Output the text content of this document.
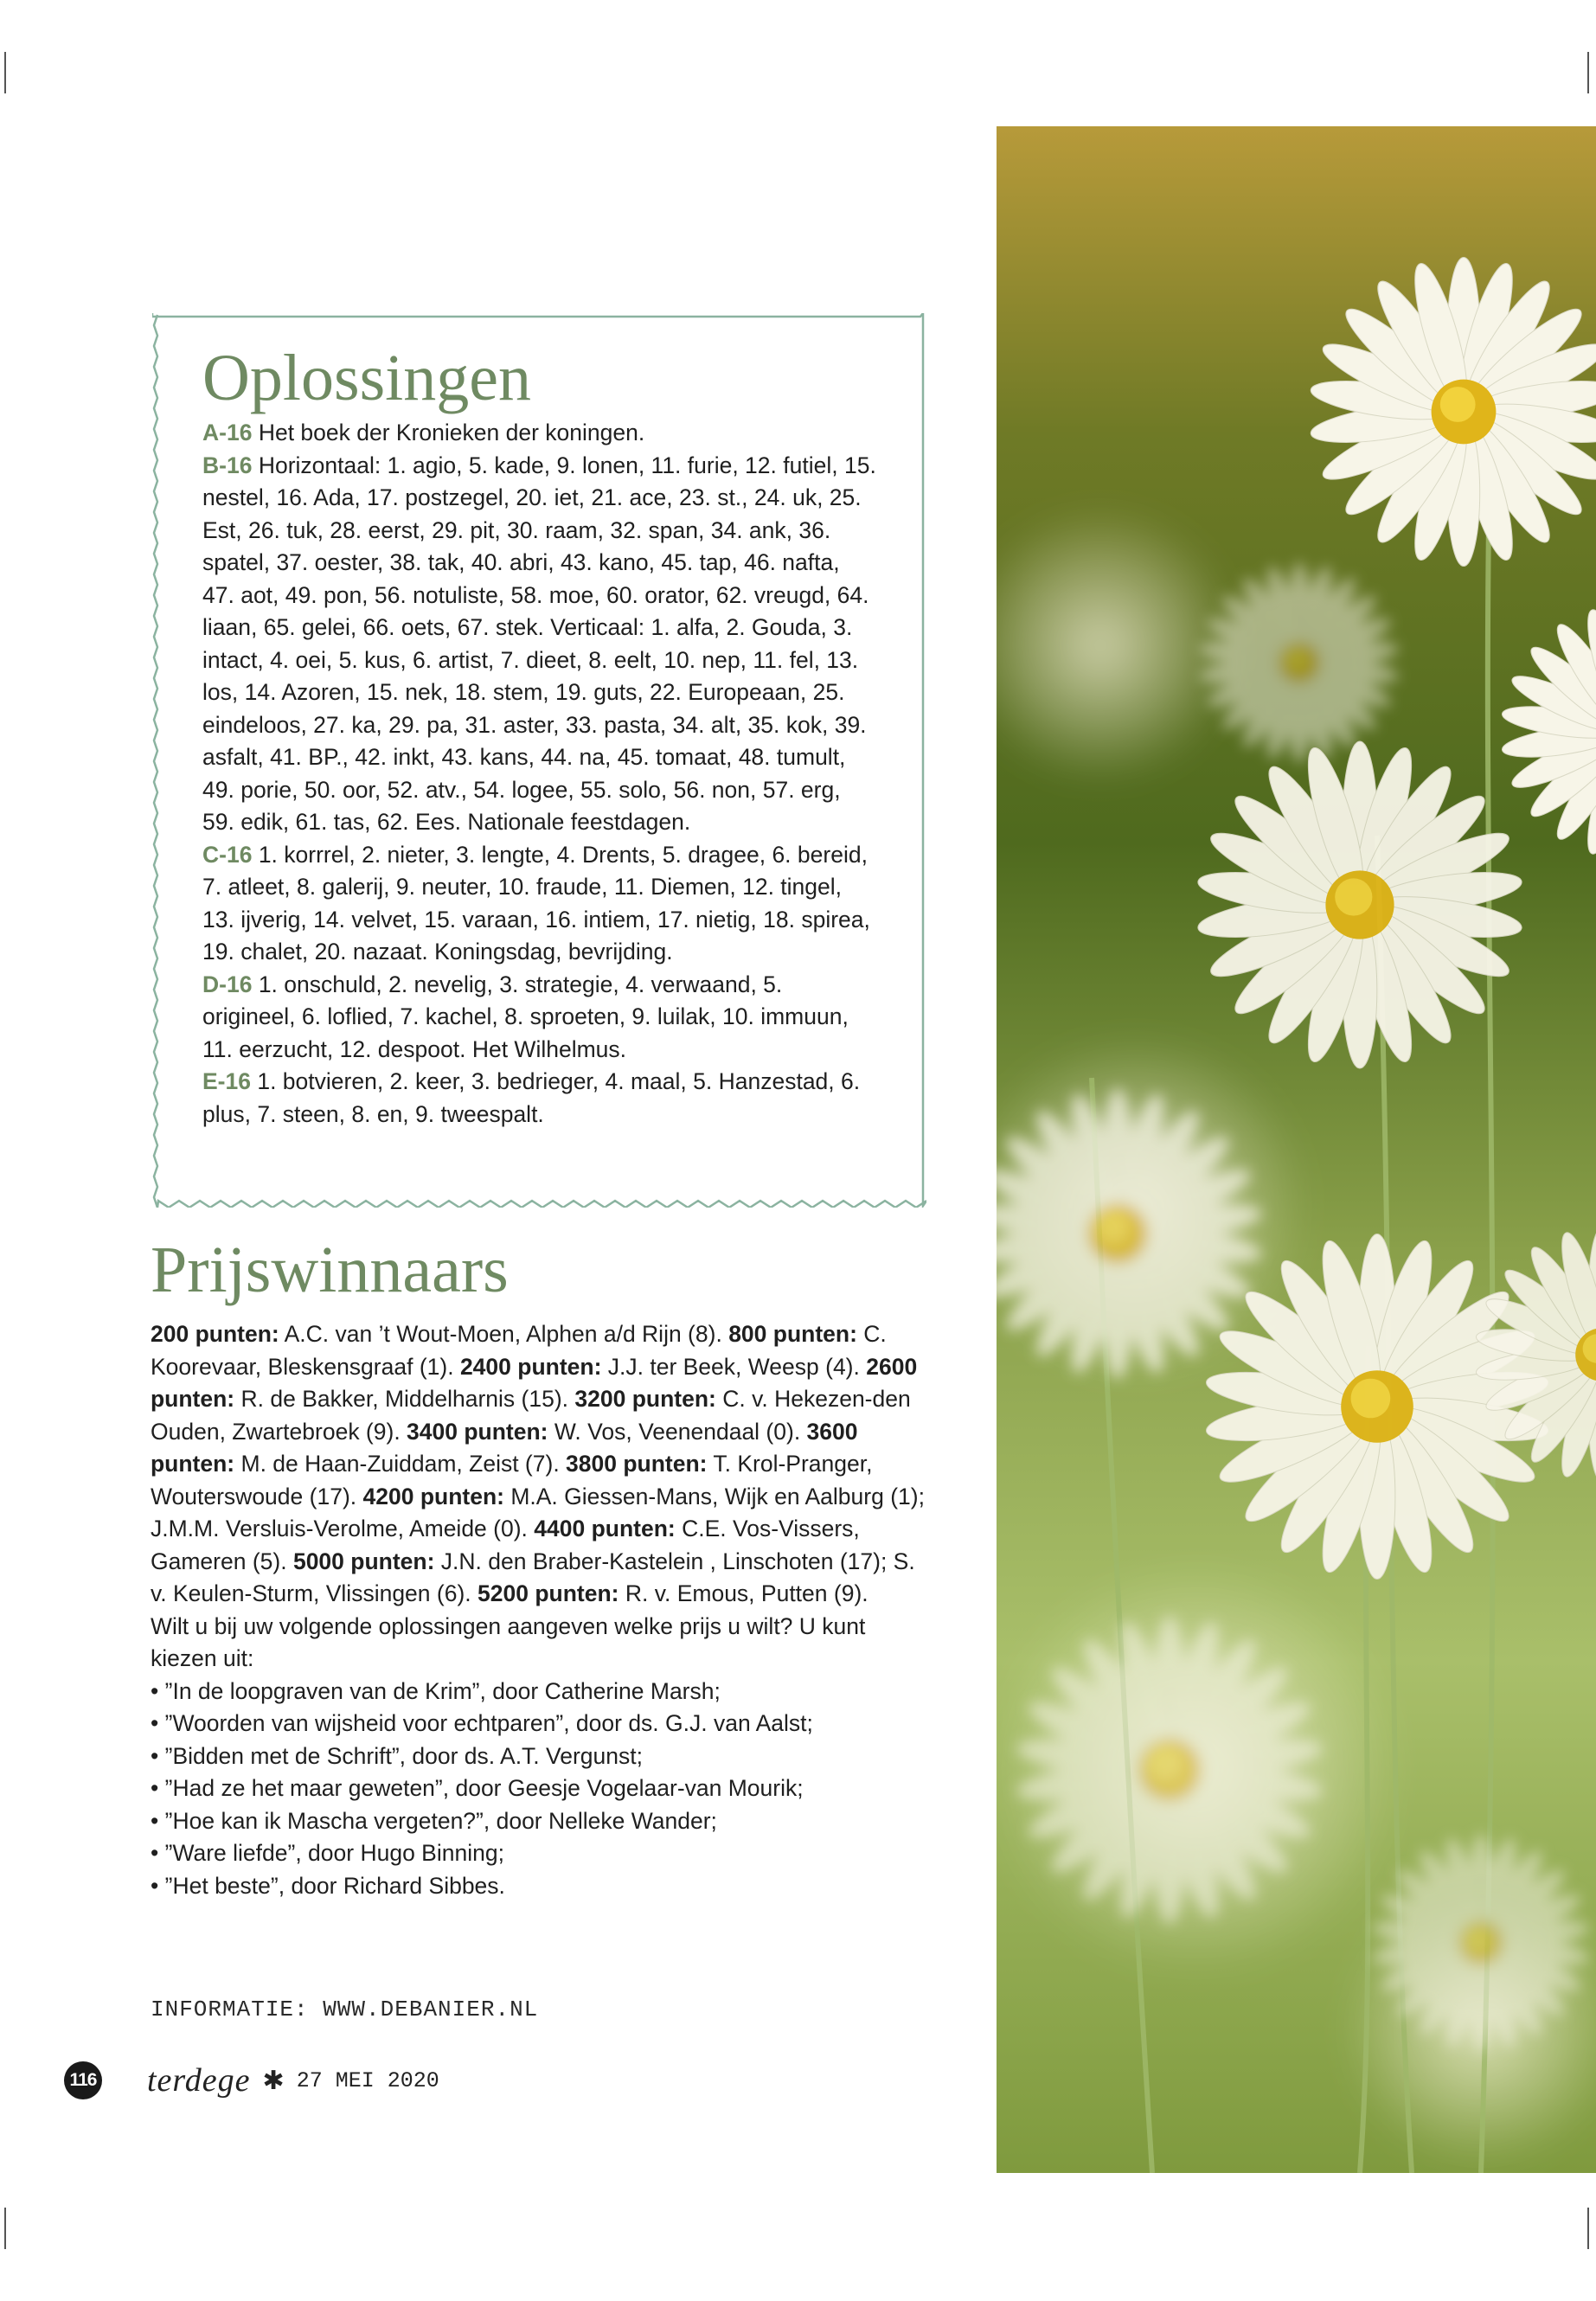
Oplossingen

A-16 Het boek der Kronieken der koningen.

B-16 Horizontaal: 1. agio, 5. kade, 9. lonen, 11. furie, 12. futiel, 15. nestel, 16. Ada, 17. postzegel, 20. iet, 21. ace, 23. st., 24. uk, 25. Est, 26. tuk, 28. eerst, 29. pit, 30. raam, 32. span, 34. ank, 36. spatel, 37. oester, 38. tak, 40. abri, 43. kano, 45. tap, 46. nafta, 47. aot, 49. pon, 56. notuliste, 58. moe, 60. orator, 62. vreugd, 64. liaan, 65. gelei, 66. oets, 67. stek. Verticaal: 1. alfa, 2. Gouda, 3. intact, 4. oei, 5. kus, 6. artist, 7. dieet, 8. eelt, 10. nep, 11. fel, 13. los, 14. Azoren, 15. nek, 18. stem, 19. guts, 22. Europeaan, 25. eindeloos, 27. ka, 29. pa, 31. aster, 33. pasta, 34. alt, 35. kok, 39. asfalt, 41. BP., 42. inkt, 43. kans, 44. na, 45. tomaat, 48. tumult, 49. porie, 50. oor, 52. atv., 54. logee, 55. solo, 56. non, 57. erg, 59. edik, 61. tas, 62. Ees. Nationale feestdagen.

C-16 1. korrrel, 2. nieter, 3. lengte, 4. Drents, 5. dragee, 6. bereid, 7. atleet, 8. galerij, 9. neuter, 10. fraude, 11. Diemen, 12. tingel, 13. ijverig, 14. velvet, 15. varaan, 16. intiem, 17. nietig, 18. spirea, 19. chalet, 20. nazaat. Koningsdag, bevrijding.

D-16 1. onschuld, 2. nevelig, 3. strategie, 4. verwaand, 5. origineel, 6. loflied, 7. kachel, 8. sproeten, 9. luilak, 10. immuun, 11. eerzucht, 12. despoot. Het Wilhelmus.

E-16 1. botvieren, 2. keer, 3. bedrieger, 4. maal, 5. Hanzestad, 6. plus, 7. steen, 8. en, 9. tweespalt.

Prijswinnaars

200 punten: A.C. van ’t Wout-Moen, Alphen a/d Rijn (8). 800 punten: C. Koorevaar, Bleskensgraaf (1). 2400 punten: J.J. ter Beek, Weesp (4). 2600 punten: R. de Bakker, Middelharnis (15). 3200 punten: C. v. Hekezen-den Ouden, Zwartebroek (9). 3400 punten: W. Vos, Veenendaal (0). 3600 punten: M. de Haan-Zuiddam, Zeist (7). 3800 punten: T. Krol-Pranger, Wouterswoude (17). 4200 punten: M.A. Giessen-Mans, Wijk en Aalburg (1); J.M.M. Versluis-Verolme, Ameide (0). 4400 punten: C.E. Vos-Vissers, Gameren (5). 5000 punten: J.N. den Braber-Kastelein , Linschoten (17); S. v. Keulen-Sturm, Vlissingen (6). 5200 punten: R. v. Emous, Putten (9).

Wilt u bij uw volgende oplossingen aangeven welke prijs u wilt? U kunt kiezen uit:

• ”In de loopgraven van de Krim”, door Catherine Marsh;
• ”Woorden van wijsheid voor echtparen”, door ds. G.J. van Aalst;
• ”Bidden met de Schrift”, door ds. A.T. Vergunst;
• ”Had ze het maar geweten”, door Geesje Vogelaar-van Mourik;
• ”Hoe kan ik Mascha vergeten?”, door Nelleke Wander;
• ”Ware liefde”, door Hugo Binning;
• ”Het beste”, door Richard Sibbes.
INFORMATIE: WWW.DEBANIER.NL
116 terdege ✱ 27 MEI 2020
